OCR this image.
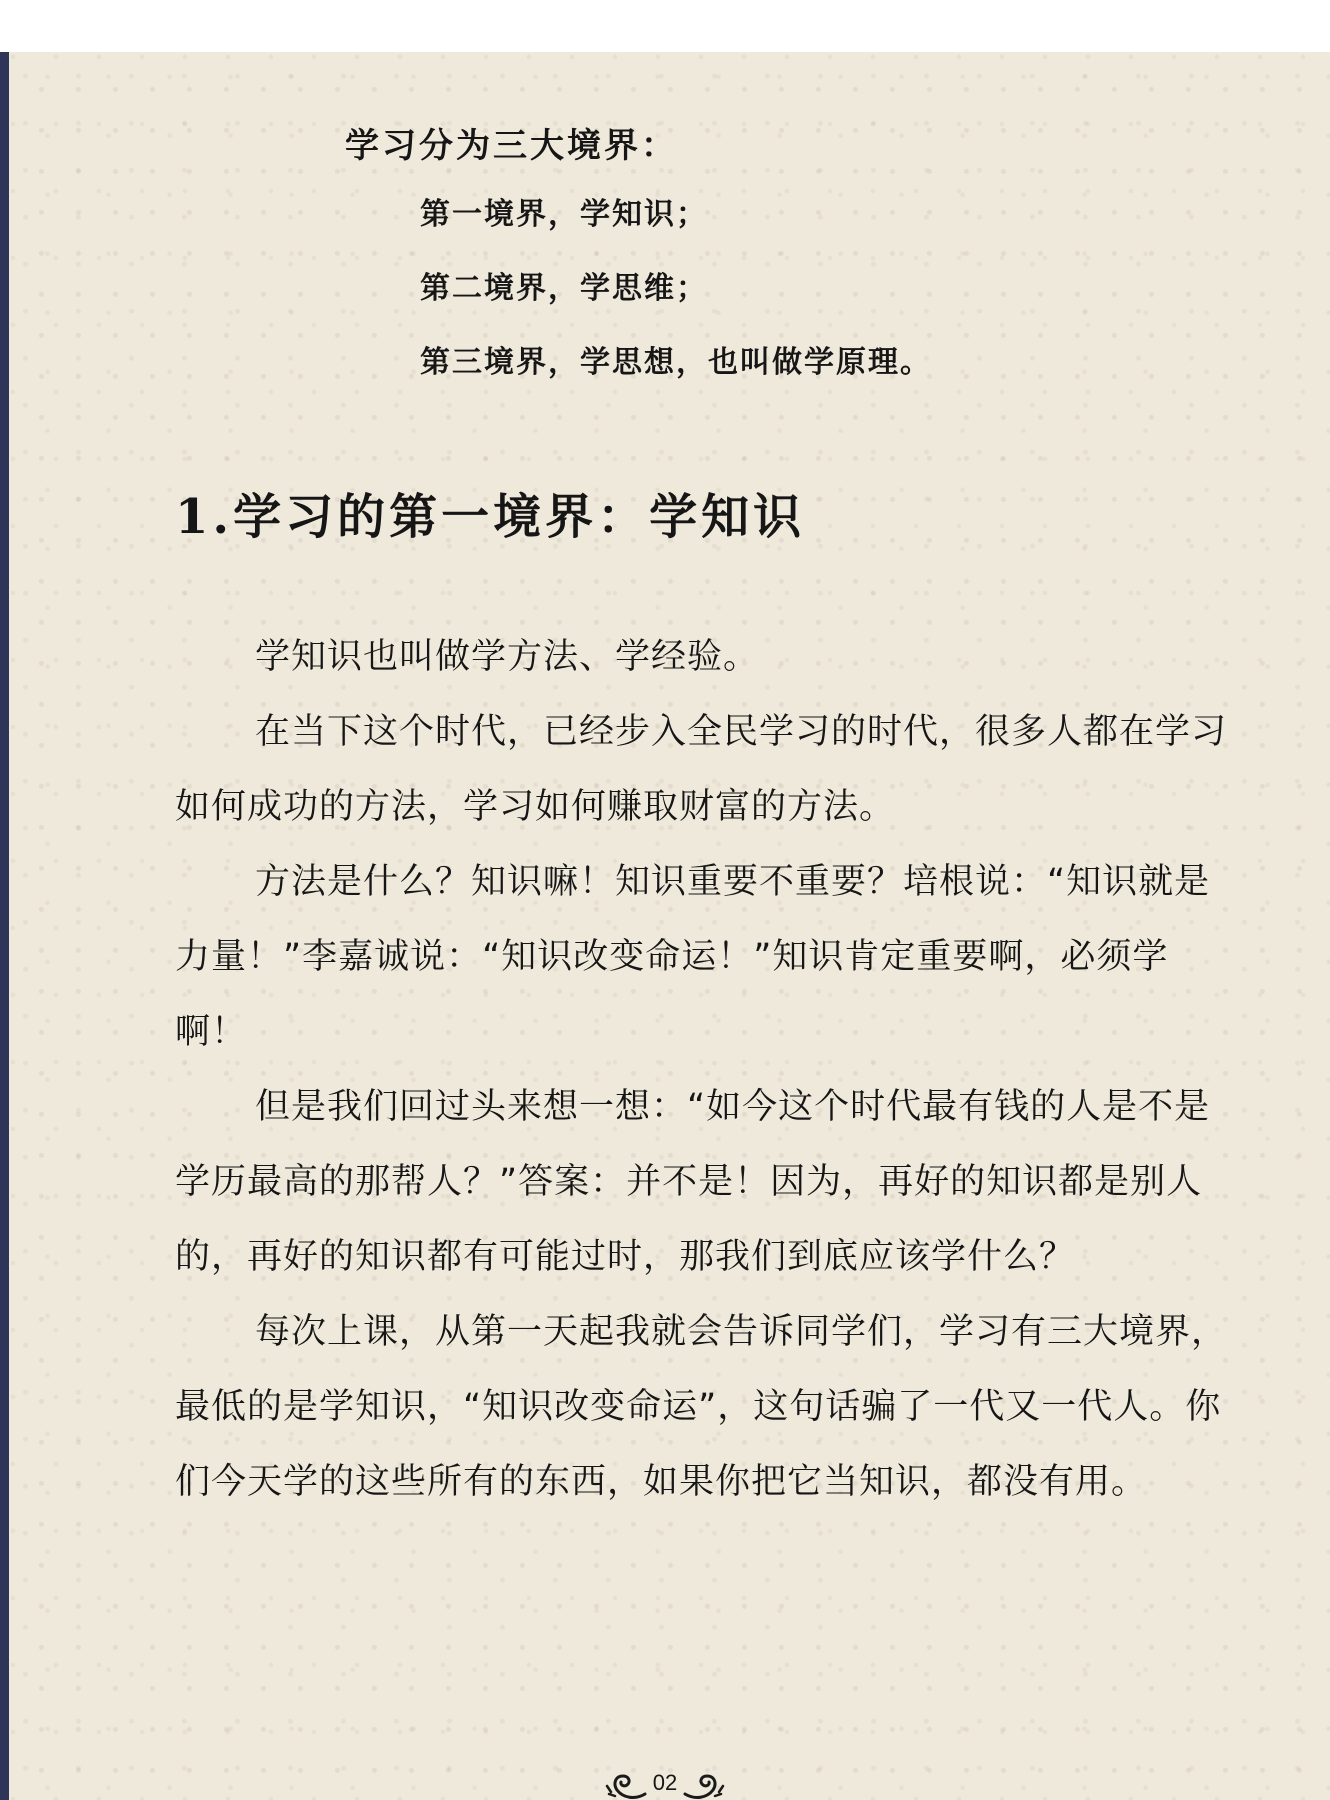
学习分为三大境界：
第一境界，学知识；
第二境界，学思维；
第三境界，学思想，也叫做学原理。
1.学习的第一境界：学知识

学知识也叫做学方法、学经验。

在当下这个时代，已经步入全民学习的时代，很多人都在学习如何成功的方法，学习如何赚取财富的方法。

方法是什么？知识嘛！知识重要不重要？培根说：“知识就是力量！”李嘉诚说：“知识改变命运！”知识肯定重要啊，必须学啊！

但是我们回过头来想一想：“如今这个时代最有钱的人是不是学历最高的那帮人？”答案：并不是！因为，再好的知识都是别人的，再好的知识都有可能过时，那我们到底应该学什么？

每次上课，从第一天起我就会告诉同学们，学习有三大境界，最低的是学知识，“知识改变命运”，这句话骗了一代又一代人。你们今天学的这些所有的东西，如果你把它当知识，都没有用。

02
